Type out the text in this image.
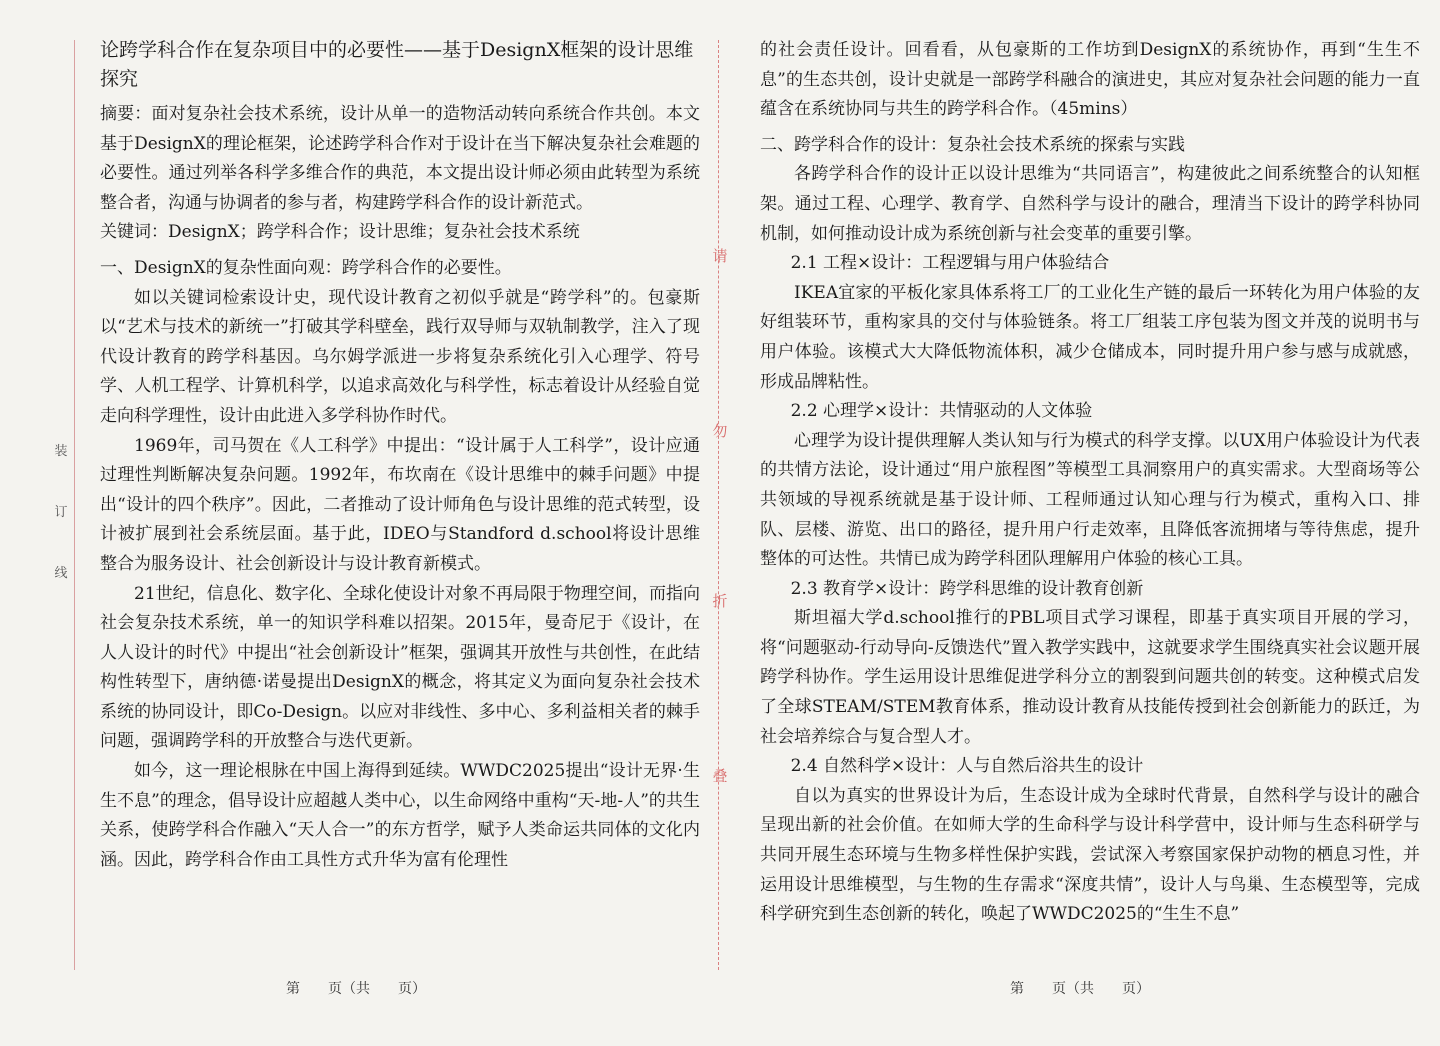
装
订
线
请
勿
折
叠

论跨学科合作在复杂项目中的必要性——基于DesignX框架的设计思维探究

摘要：面对复杂社会技术系统，设计从单一的造物活动转向系统合作共创。本文基于DesignX的理论框架，论述跨学科合作对于设计在当下解决复杂社会难题的必要性。通过列举各科学多维合作的典范，本文提出设计师必须由此转型为系统整合者，沟通与协调者的参与者，构建跨学科合作的设计新范式。

关键词：DesignX；跨学科合作；设计思维；复杂社会技术系统

一、DesignX的复杂性面向观：跨学科合作的必要性。

如以关键词检索设计史，现代设计教育之初似乎就是“跨学科”的。包豪斯以“艺术与技术的新统一”打破其学科壁垒，践行双导师与双轨制教学，注入了现代设计教育的跨学科基因。乌尔姆学派进一步将复杂系统化引入心理学、符号学、人机工程学、计算机科学，以追求高效化与科学性，标志着设计从经验自觉走向科学理性，设计由此进入多学科协作时代。

1969年，司马贺在《人工科学》中提出：“设计属于人工科学”，设计应通过理性判断解决复杂问题。1992年，布坎南在《设计思维中的棘手问题》中提出“设计的四个秩序”。因此，二者推动了设计师角色与设计思维的范式转型，设计被扩展到社会系统层面。基于此，IDEO与Standford d.school将设计思维整合为服务设计、社会创新设计与设计教育新模式。

21世纪，信息化、数字化、全球化使设计对象不再局限于物理空间，而指向社会复杂技术系统，单一的知识学科难以招架。2015年，曼奇尼于《设计，在人人设计的时代》中提出“社会创新设计”框架，强调其开放性与共创性，在此结构性转型下，唐纳德·诺曼提出DesignX的概念，将其定义为面向复杂社会技术系统的协同设计，即Co-Design。以应对非线性、多中心、多利益相关者的棘手问题，强调跨学科的开放整合与迭代更新。

如今，这一理论根脉在中国上海得到延续。WWDC2025提出“设计无界·生生不息”的理念，倡导设计应超越人类中心，以生命网络中重构“天-地-人”的共生关系，使跨学科合作融入“天人合一”的东方哲学，赋予人类命运共同体的文化内涵。因此，跨学科合作由工具性方式升华为富有伦理性

的社会责任设计。回看看，从包豪斯的工作坊到DesignX的系统协作，再到“生生不息”的生态共创，设计史就是一部跨学科融合的演进史，其应对复杂社会问题的能力一直蕴含在系统协同与共生的跨学科合作。（45mins）

二、跨学科合作的设计：复杂社会技术系统的探索与实践

各跨学科合作的设计正以设计思维为“共同语言”，构建彼此之间系统整合的认知框架。通过工程、心理学、教育学、自然科学与设计的融合，理清当下设计的跨学科协同机制，如何推动设计成为系统创新与社会变革的重要引擎。

2.1 工程×设计：工程逻辑与用户体验结合

IKEA宜家的平板化家具体系将工厂的工业化生产链的最后一环转化为用户体验的友好组装环节，重构家具的交付与体验链条。将工厂组装工序包装为图文并茂的说明书与用户体验。该模式大大降低物流体积，减少仓储成本，同时提升用户参与感与成就感，形成品牌粘性。

2.2 心理学×设计：共情驱动的人文体验

心理学为设计提供理解人类认知与行为模式的科学支撑。以UX用户体验设计为代表的共情方法论，设计通过“用户旅程图”等模型工具洞察用户的真实需求。大型商场等公共领域的导视系统就是基于设计师、工程师通过认知心理与行为模式，重构入口、排队、层楼、游览、出口的路径，提升用户行走效率，且降低客流拥堵与等待焦虑，提升整体的可达性。共情已成为跨学科团队理解用户体验的核心工具。

2.3 教育学×设计：跨学科思维的设计教育创新

斯坦福大学d.school推行的PBL项目式学习课程，即基于真实项目开展的学习，将“问题驱动-行动导向-反馈迭代”置入教学实践中，这就要求学生围绕真实社会议题开展跨学科协作。学生运用设计思维促进学科分立的割裂到问题共创的转变。这种模式启发了全球STEAM/STEM教育体系，推动设计教育从技能传授到社会创新能力的跃迁，为社会培养综合与复合型人才。

2.4 自然科学×设计：人与自然后浴共生的设计

自以为真实的世界设计为后，生态设计成为全球时代背景，自然科学与设计的融合呈现出新的社会价值。在如师大学的生命科学与设计科学营中，设计师与生态科研学与共同开展生态环境与生物多样性保护实践，尝试深入考察国家保护动物的栖息习性，并运用设计思维模型，与生物的生存需求“深度共情”，设计人与鸟巢、生态模型等，完成科学研究到生态创新的转化，唤起了WWDC2025的“生生不息”

第　　页（共　　页）	第　　页（共　　页）
